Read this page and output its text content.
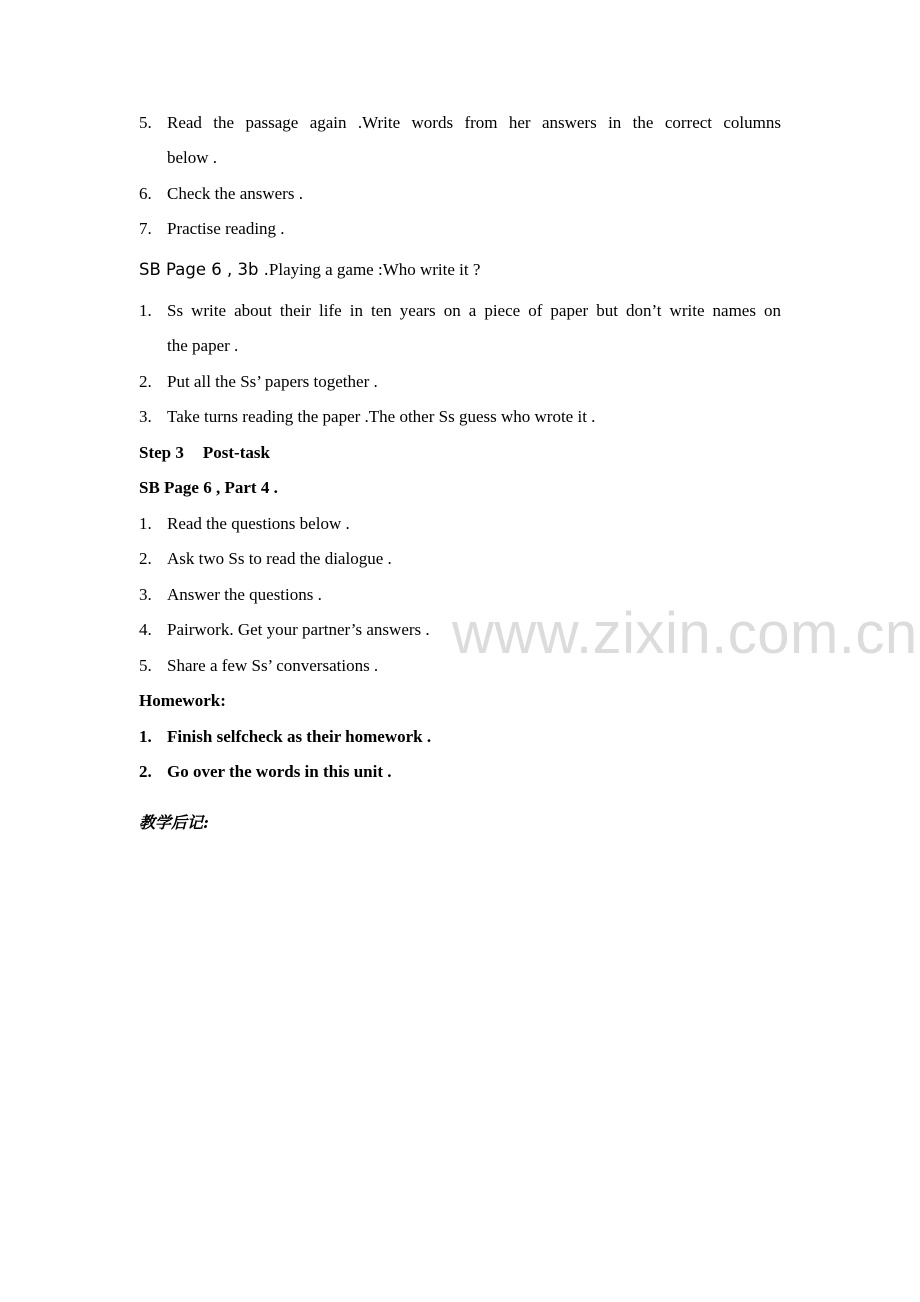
www.zixin.com.cn
5. Read the passage again .Write words from her answers in the correct columns
below .
6. Check the answers .
7. Practise reading .
SB Page 6 , 3b .Playing a game :Who write it ?
1. Ss write about their life in ten years on a piece of paper but don’t write names on
the paper .
2. Put all the Ss’ papers together .
3. Take turns reading the paper .The other Ss guess who wrote it .
Step 3 Post-task
SB Page 6 , Part 4 .
1. Read the questions below .
2. Ask two Ss to read the dialogue .
3. Answer the questions .
4. Pairwork. Get your partner’s answers .
5. Share a few Ss’ conversations .
Homework:
1. Finish selfcheck as their homework .
2. Go over the words in this unit .
教学后记:
